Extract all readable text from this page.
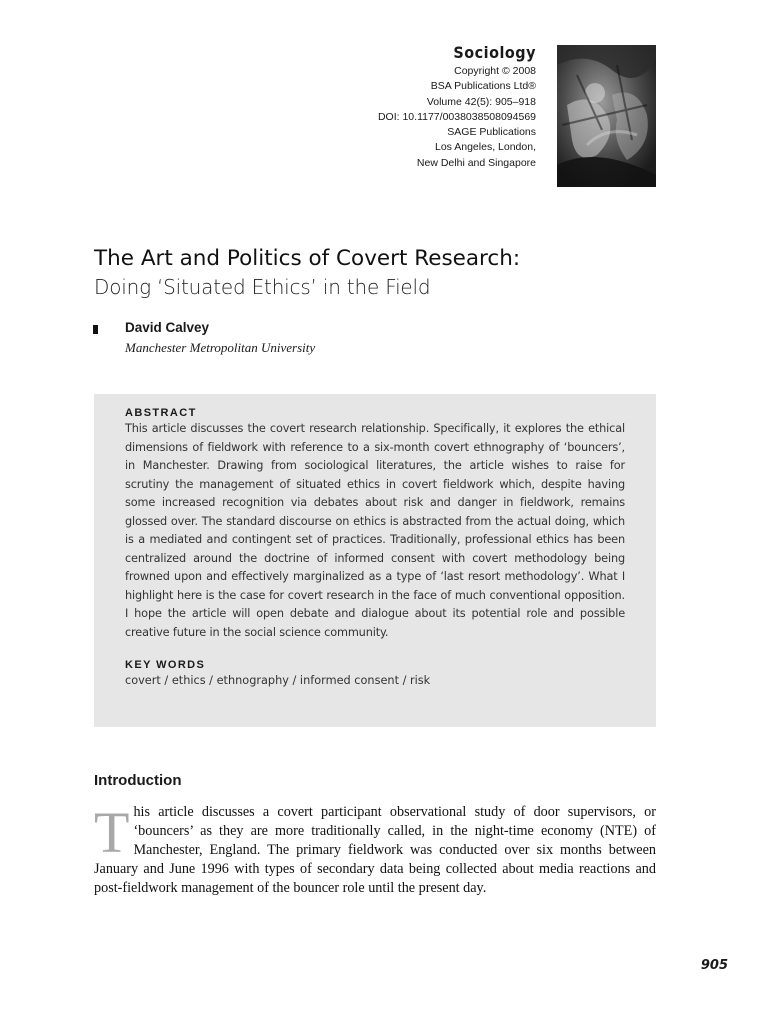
Sociology
Copyright © 2008
BSA Publications Ltd®
Volume 42(5): 905–918
DOI: 10.1177/0038038508094569
SAGE Publications
Los Angeles, London,
New Delhi and Singapore
The Art and Politics of Covert Research:
Doing ‘Situated Ethics’ in the Field
David Calvey
Manchester Metropolitan University

ABSTRACT

This article discusses the covert research relationship. Specifically, it explores the ethical dimensions of fieldwork with reference to a six-month covert ethnography of ‘bouncers’, in Manchester. Drawing from sociological literatures, the article wishes to raise for scrutiny the management of situated ethics in covert fieldwork which, despite having some increased recognition via debates about risk and danger in fieldwork, remains glossed over. The standard discourse on ethics is abstracted from the actual doing, which is a mediated and contingent set of practices. Traditionally, professional ethics has been centralized around the doctrine of informed consent with covert methodology being frowned upon and effectively marginalized as a type of ‘last resort methodology’. What I highlight here is the case for covert research in the face of much conventional opposition. I hope the article will open debate and dialogue about its potential role and possible creative future in the social science community.

KEY WORDS

covert / ethics / ethnography / informed consent / risk

Introduction
This article discusses a covert participant observational study of door supervisors, or ‘bouncers’ as they are more traditionally called, in the night-time economy (NTE) of Manchester, England. The primary fieldwork was conducted over six months between January and June 1996 with types of secondary data being collected about media reactions and post-fieldwork management of the bouncer role until the present day.
905
